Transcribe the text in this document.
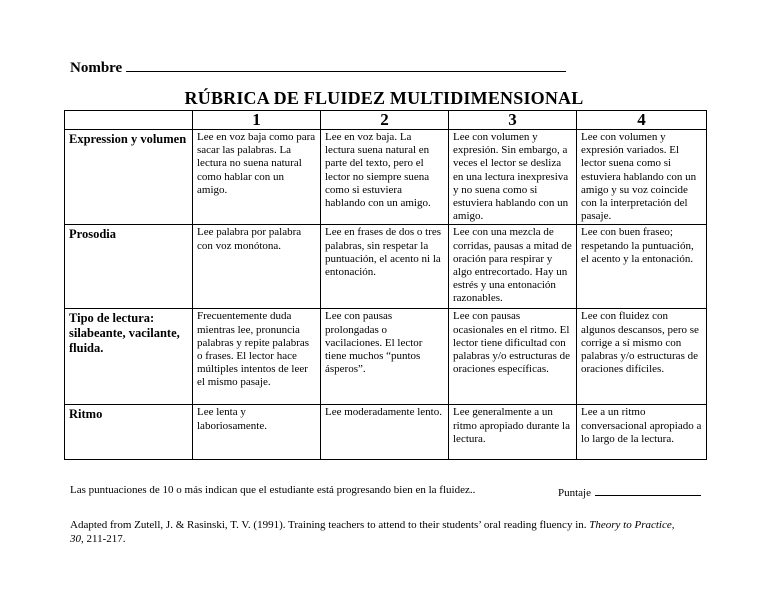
Nombre
RÚBRICA DE FLUIDEZ MULTIDIMENSIONAL
	1	2	3	4
Expression y volumen	Lee en voz baja como para sacar las palabras. La lectura no suena natural como hablar con un amigo.	Lee en voz baja. La lectura suena natural en parte del texto, pero el lector no siempre suena como si estuviera hablando con un amigo.	Lee con volumen y expresión. Sin embargo, a veces el lector se desliza en una lectura inexpresiva y no suena como si estuviera hablando con un amigo.	Lee con volumen y expresión variados. El lector suena como si estuviera hablando con un amigo y su voz coincide con la interpretación del pasaje.
Prosodia	Lee palabra por palabra con voz monótona.	Lee en frases de dos o tres palabras, sin respetar la puntuación, el acento ni la entonación.	Lee con una mezcla de corridas, pausas a mitad de oración para respirar y algo entrecortado. Hay un estrés y una entonación razonables.	Lee con buen fraseo; respetando la puntuación, el acento y la entonación.
Tipo de lectura: silabeante, vacilante, fluida.	Frecuentemente duda mientras lee, pronuncia palabras y repite palabras o frases. El lector hace múltiples intentos de leer el mismo pasaje.	Lee con pausas prolongadas o vacilaciones. El lector tiene muchos “puntos ásperos”.	Lee con pausas ocasionales en el ritmo. El lector tiene dificultad con palabras y/o estructuras de oraciones específicas.	Lee con fluidez con algunos descansos, pero se corrige a sí mismo con palabras y/o estructuras de oraciones difíciles.
Ritmo	Lee lenta y laboriosamente.	Lee moderadamente lento.	Lee generalmente a un ritmo apropiado durante la lectura.	Lee a un ritmo conversacional apropiado a lo largo de la lectura.
Las puntuaciones de 10 o más indican que el estudiante está progresando bien en la fluidez..	Puntaje
Adapted from Zutell, J. & Rasinski, T. V. (1991). Training teachers to attend to their students’ oral reading fluency in. Theory to Practice, 30, 211-217.
